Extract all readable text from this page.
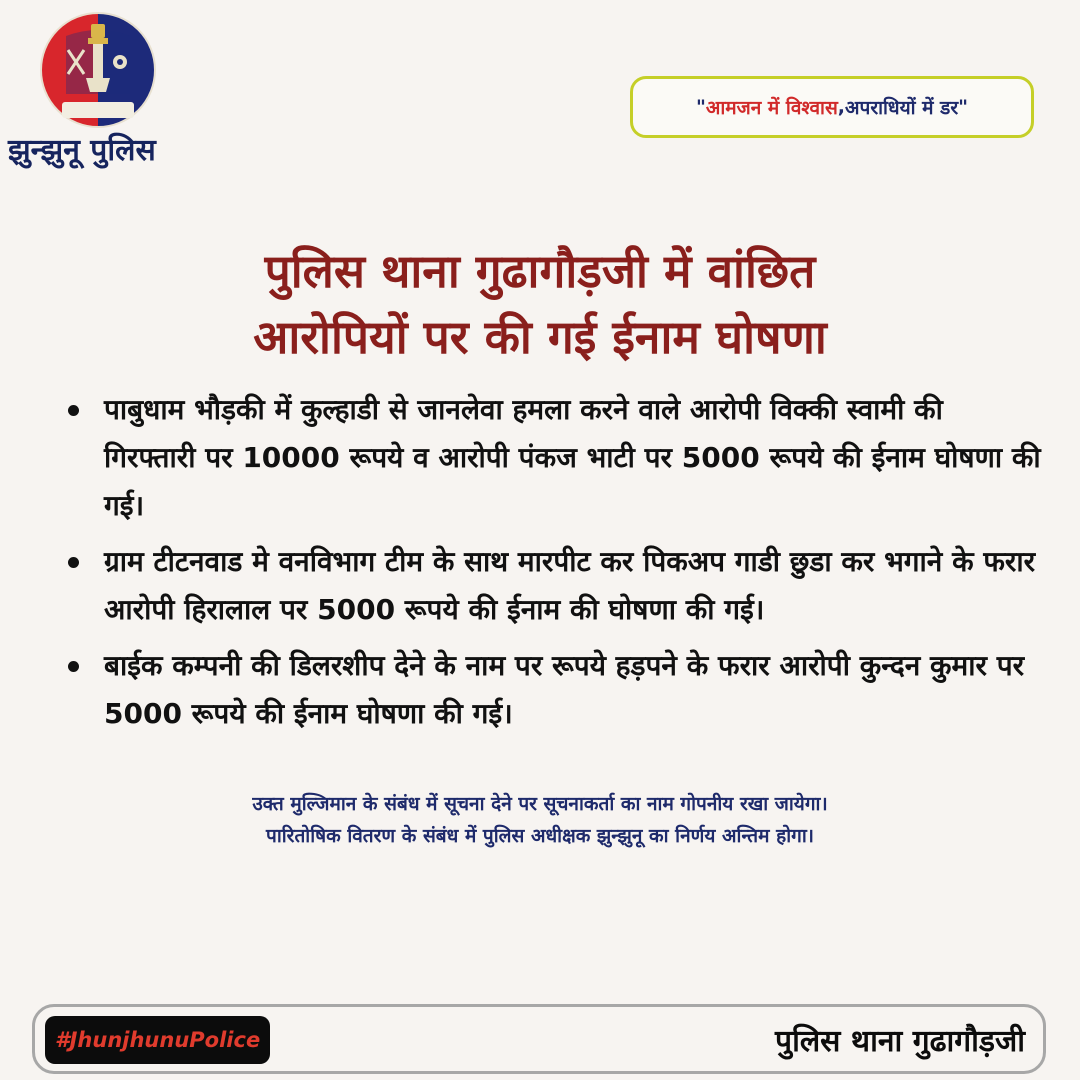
झुन्झुनू पुलिस
" आमजन में विश्वास , अपराधियों में डर "
पुलिस थाना गुढागौड़जी में वांछित
आरोपियों पर की गई ईनाम घोषणा
पाबुधाम भौड़की में कुल्हाडी से जानलेवा हमला करने वाले आरोपी विक्की स्वामी की गिरफ्तारी पर 10000 रूपये व आरोपी पंकज भाटी पर 5000 रूपये की ईनाम घोषणा की गई।
ग्राम टीटनवाड मे वनविभाग टीम के साथ मारपीट कर पिकअप गाडी छुडा कर भगाने के फरार आरोपी हिरालाल पर 5000 रूपये की ईनाम की घोषणा की गई।
बाईक कम्पनी की डिलरशीप देने के नाम पर रूपये हड़पने के फरार आरोपी कुन्दन कुमार पर 5000 रूपये की ईनाम घोषणा की गई।
उक्त मुल्जिमान के संबंध में सूचना देने पर सूचनाकर्ता का नाम गोपनीय रखा जायेगा।
पारितोषिक वितरण के संबंध में पुलिस अधीक्षक झुन्झुनू का निर्णय अन्तिम होगा।
#JhunjhunuPolice	पुलिस थाना गुढागौड़जी
